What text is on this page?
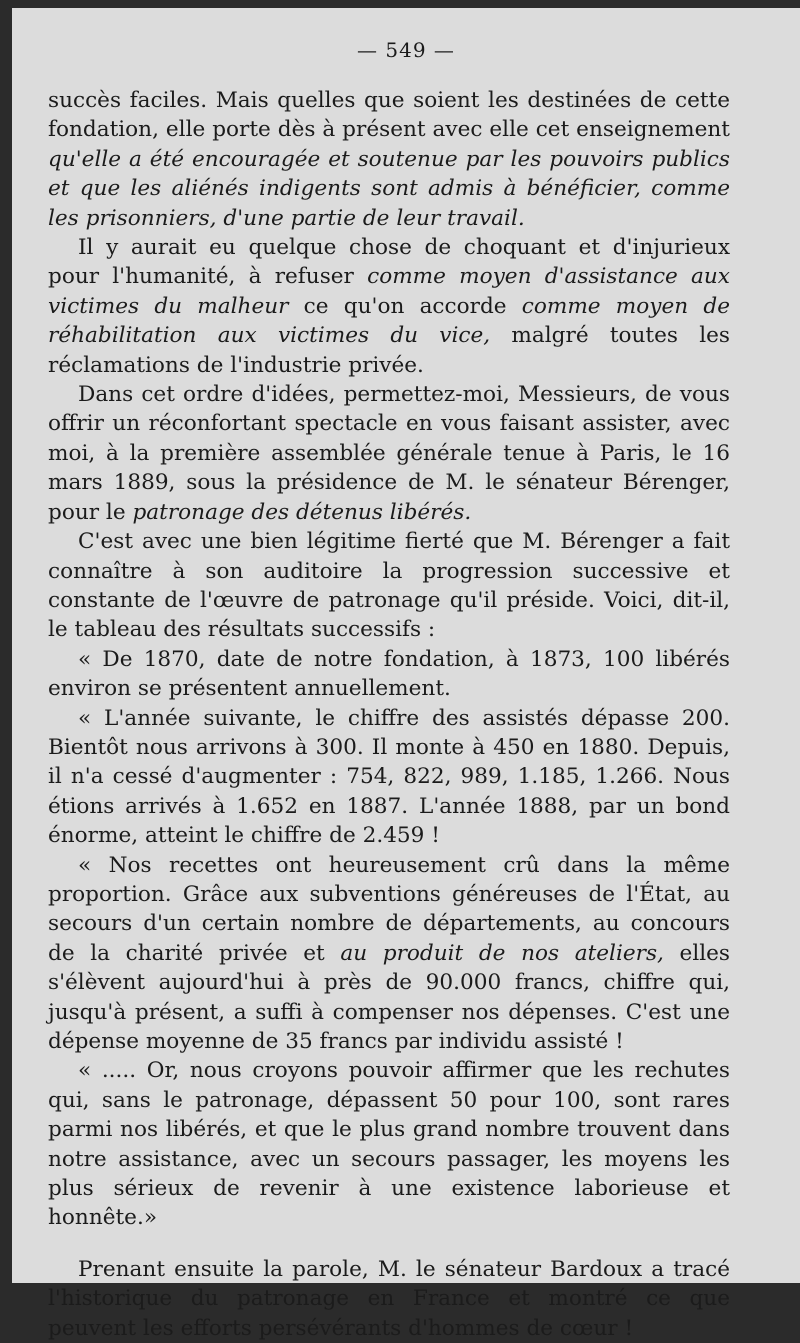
— 549 —

succès faciles. Mais quelles que soient les destinées de cette fondation, elle porte dès à présent avec elle cet enseignement qu'elle a été encouragée et soutenue par les pouvoirs publics et que les aliénés indigents sont admis à bénéficier, comme les prisonniers, d'une partie de leur travail.

Il y aurait eu quelque chose de choquant et d'injurieux pour l'humanité, à refuser comme moyen d'assistance aux victimes du malheur ce qu'on accorde comme moyen de réhabilitation aux victimes du vice, malgré toutes les réclamations de l'industrie privée.

Dans cet ordre d'idées, permettez-moi, Messieurs, de vous offrir un réconfortant spectacle en vous faisant assister, avec moi, à la première assemblée générale tenue à Paris, le 16 mars 1889, sous la présidence de M. le sénateur Bérenger, pour le patronage des détenus libérés.

C'est avec une bien légitime fierté que M. Bérenger a fait connaître à son auditoire la progression successive et constante de l'œuvre de patronage qu'il préside. Voici, dit-il, le tableau des résultats successifs :

« De 1870, date de notre fondation, à 1873, 100 libérés environ se présentent annuellement.

« L'année suivante, le chiffre des assistés dépasse 200. Bientôt nous arrivons à 300. Il monte à 450 en 1880. Depuis, il n'a cessé d'augmenter : 754, 822, 989, 1.185, 1.266. Nous étions arrivés à 1.652 en 1887. L'année 1888, par un bond énorme, atteint le chiffre de 2.459 !

« Nos recettes ont heureusement crû dans la même proportion. Grâce aux subventions généreuses de l'État, au secours d'un certain nombre de départements, au concours de la charité privée et au produit de nos ateliers, elles s'élèvent aujourd'hui à près de 90.000 francs, chiffre qui, jusqu'à présent, a suffi à compenser nos dépenses. C'est une dépense moyenne de 35 francs par individu assisté !

« ..... Or, nous croyons pouvoir affirmer que les rechutes qui, sans le patronage, dépassent 50 pour 100, sont rares parmi nos libérés, et que le plus grand nombre trouvent dans notre assistance, avec un secours passager, les moyens les plus sérieux de revenir à une existence laborieuse et honnête.»

Prenant ensuite la parole, M. le sénateur Bardoux a tracé l'historique du patronage en France et montré ce que peuvent les efforts persévérants d'hommes de cœur !
